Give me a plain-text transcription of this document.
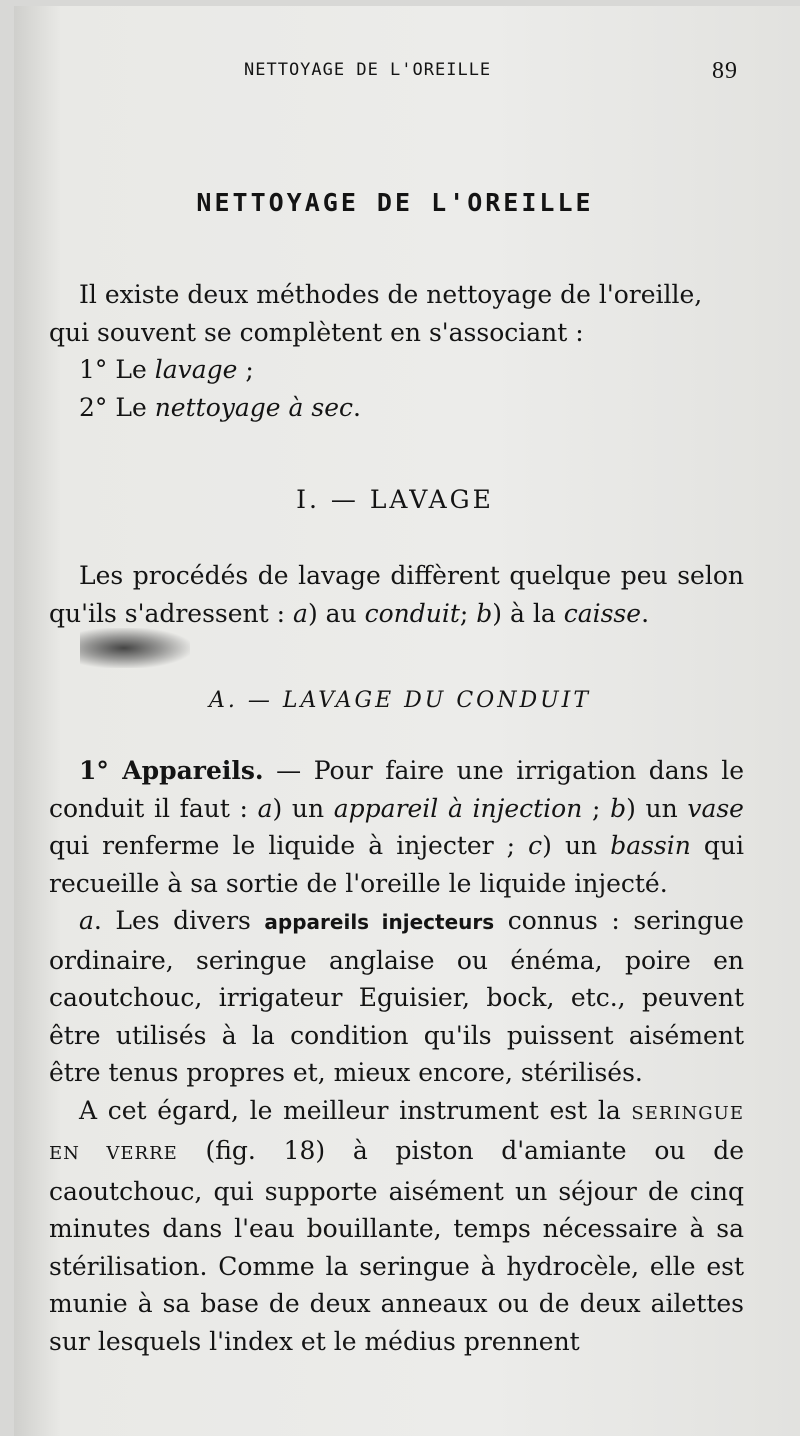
NETTOYAGE DE L'OREILLE	89
NETTOYAGE DE L'OREILLE

Il existe deux méthodes de nettoyage de l'oreille,

qui souvent se complètent en s'associant :

1° Le lavage ;

2° Le nettoyage à sec.

I. — LAVAGE

Les procédés de lavage diffèrent quelque peu selon qu'ils s'adressent : a) au conduit; b) à la caisse.

A. — LAVAGE DU CONDUIT

1° Appareils. — Pour faire une irrigation dans le conduit il faut : a) un appareil à injection ; b) un vase qui renferme le liquide à injecter ; c) un bassin qui recueille à sa sortie de l'oreille le liquide injecté.

a. Les divers appareils injecteurs connus : seringue ordinaire, seringue anglaise ou énéma, poire en caoutchouc, irrigateur Eguisier, bock, etc., peuvent être utilisés à la condition qu'ils puissent aisément être tenus propres et, mieux encore, stérilisés.

A cet égard, le meilleur instrument est la SERINGUE EN VERRE (fig. 18) à piston d'amiante ou de caoutchouc, qui supporte aisément un séjour de cinq minutes dans l'eau bouillante, temps nécessaire à sa stérilisation. Comme la seringue à hydrocèle, elle est munie à sa base de deux anneaux ou de deux ailettes sur lesquels l'index et le médius prennent
